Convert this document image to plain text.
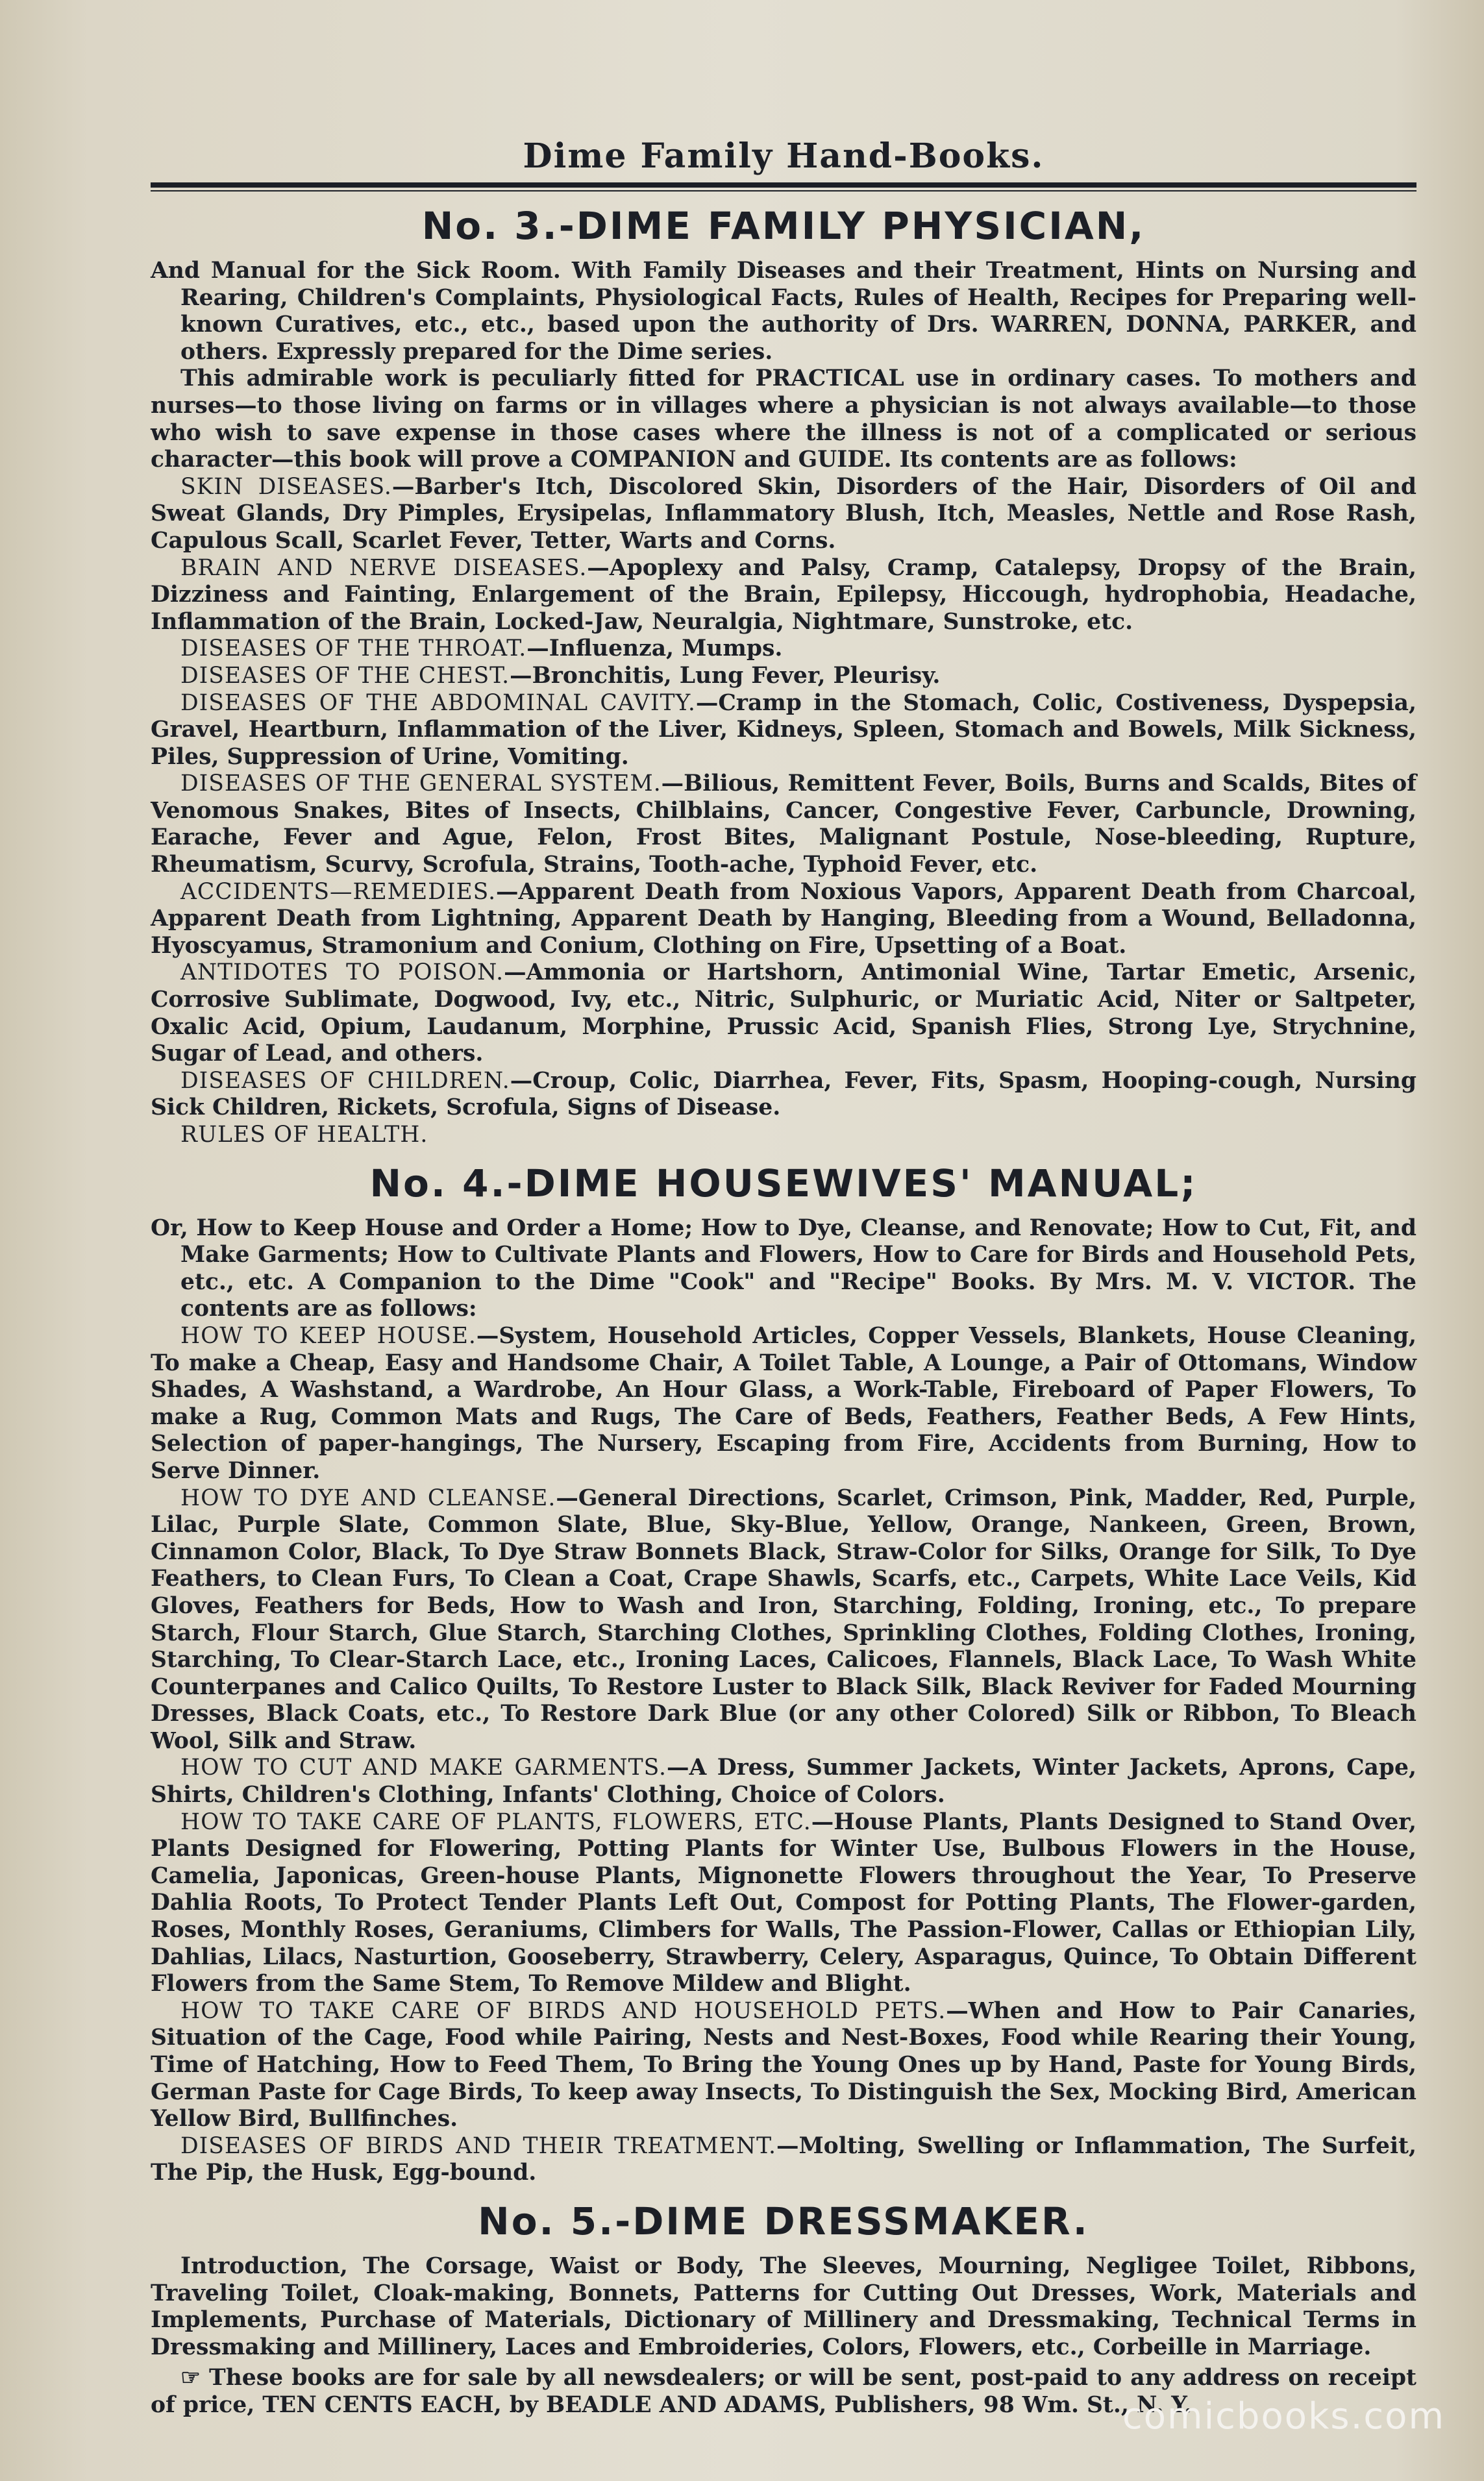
Dime Family Hand-Books.
No. 3.-DIME FAMILY PHYSICIAN,

And Manual for the Sick Room. With Family Diseases and their Treatment, Hints on Nursing and Rearing, Children's Complaints, Physiological Facts, Rules of Health, Recipes for Preparing well-known Curatives, etc., etc., based upon the authority of Drs. WARREN, DONNA, PARKER, and others. Expressly prepared for the Dime series.

This admirable work is peculiarly fitted for PRACTICAL use in ordinary cases. To mothers and nurses—to those living on farms or in villages where a physician is not always available—to those who wish to save expense in those cases where the illness is not of a complicated or serious character—this book will prove a COMPANION and GUIDE. Its contents are as follows:

SKIN DISEASES.—Barber's Itch, Discolored Skin, Disorders of the Hair, Disorders of Oil and Sweat Glands, Dry Pimples, Erysipelas, Inflammatory Blush, Itch, Measles, Nettle and Rose Rash, Capulous Scall, Scarlet Fever, Tetter, Warts and Corns.

BRAIN AND NERVE DISEASES.—Apoplexy and Palsy, Cramp, Catalepsy, Dropsy of the Brain, Dizziness and Fainting, Enlargement of the Brain, Epilepsy, Hiccough, hydrophobia, Headache, Inflammation of the Brain, Locked-Jaw, Neuralgia, Nightmare, Sunstroke, etc.

DISEASES OF THE THROAT.—Influenza, Mumps.

DISEASES OF THE CHEST.—Bronchitis, Lung Fever, Pleurisy.

DISEASES OF THE ABDOMINAL CAVITY.—Cramp in the Stomach, Colic, Costiveness, Dyspepsia, Gravel, Heartburn, Inflammation of the Liver, Kidneys, Spleen, Stomach and Bowels, Milk Sickness, Piles, Suppression of Urine, Vomiting.

DISEASES OF THE GENERAL SYSTEM.—Bilious, Remittent Fever, Boils, Burns and Scalds, Bites of Venomous Snakes, Bites of Insects, Chilblains, Cancer, Congestive Fever, Carbuncle, Drowning, Earache, Fever and Ague, Felon, Frost Bites, Malignant Postule, Nose-bleeding, Rupture, Rheumatism, Scurvy, Scrofula, Strains, Tooth-ache, Typhoid Fever, etc.

ACCIDENTS—REMEDIES.—Apparent Death from Noxious Vapors, Apparent Death from Charcoal, Apparent Death from Lightning, Apparent Death by Hanging, Bleeding from a Wound, Belladonna, Hyoscyamus, Stramonium and Conium, Clothing on Fire, Upsetting of a Boat.

ANTIDOTES TO POISON.—Ammonia or Hartshorn, Antimonial Wine, Tartar Emetic, Arsenic, Corrosive Sublimate, Dogwood, Ivy, etc., Nitric, Sulphuric, or Muriatic Acid, Niter or Saltpeter, Oxalic Acid, Opium, Laudanum, Morphine, Prussic Acid, Spanish Flies, Strong Lye, Strychnine, Sugar of Lead, and others.

DISEASES OF CHILDREN.—Croup, Colic, Diarrhea, Fever, Fits, Spasm, Hooping-cough, Nursing Sick Children, Rickets, Scrofula, Signs of Disease.

RULES OF HEALTH.

No. 4.-DIME HOUSEWIVES' MANUAL;

Or, How to Keep House and Order a Home; How to Dye, Cleanse, and Renovate; How to Cut, Fit, and Make Garments; How to Cultivate Plants and Flowers, How to Care for Birds and Household Pets, etc., etc. A Companion to the Dime "Cook" and "Recipe" Books. By Mrs. M. V. VICTOR. The contents are as follows:

HOW TO KEEP HOUSE.—System, Household Articles, Copper Vessels, Blankets, House Cleaning, To make a Cheap, Easy and Handsome Chair, A Toilet Table, A Lounge, a Pair of Ottomans, Window Shades, A Washstand, a Wardrobe, An Hour Glass, a Work-Table, Fireboard of Paper Flowers, To make a Rug, Common Mats and Rugs, The Care of Beds, Feathers, Feather Beds, A Few Hints, Selection of paper-hangings, The Nursery, Escaping from Fire, Accidents from Burning, How to Serve Dinner.

HOW TO DYE AND CLEANSE.—General Directions, Scarlet, Crimson, Pink, Madder, Red, Purple, Lilac, Purple Slate, Common Slate, Blue, Sky-Blue, Yellow, Orange, Nankeen, Green, Brown, Cinnamon Color, Black, To Dye Straw Bonnets Black, Straw-Color for Silks, Orange for Silk, To Dye Feathers, to Clean Furs, To Clean a Coat, Crape Shawls, Scarfs, etc., Carpets, White Lace Veils, Kid Gloves, Feathers for Beds, How to Wash and Iron, Starching, Folding, Ironing, etc., To prepare Starch, Flour Starch, Glue Starch, Starching Clothes, Sprinkling Clothes, Folding Clothes, Ironing, Starching, To Clear-Starch Lace, etc., Ironing Laces, Calicoes, Flannels, Black Lace, To Wash White Counterpanes and Calico Quilts, To Restore Luster to Black Silk, Black Reviver for Faded Mourning Dresses, Black Coats, etc., To Restore Dark Blue (or any other Colored) Silk or Ribbon, To Bleach Wool, Silk and Straw.

HOW TO CUT AND MAKE GARMENTS.—A Dress, Summer Jackets, Winter Jackets, Aprons, Cape, Shirts, Children's Clothing, Infants' Clothing, Choice of Colors.

HOW TO TAKE CARE OF PLANTS, FLOWERS, ETC.—House Plants, Plants Designed to Stand Over, Plants Designed for Flowering, Potting Plants for Winter Use, Bulbous Flowers in the House, Camelia, Japonicas, Green-house Plants, Mignonette Flowers throughout the Year, To Preserve Dahlia Roots, To Protect Tender Plants Left Out, Compost for Potting Plants, The Flower-garden, Roses, Monthly Roses, Geraniums, Climbers for Walls, The Passion-Flower, Callas or Ethiopian Lily, Dahlias, Lilacs, Nasturtion, Gooseberry, Strawberry, Celery, Asparagus, Quince, To Obtain Different Flowers from the Same Stem, To Remove Mildew and Blight.

HOW TO TAKE CARE OF BIRDS AND HOUSEHOLD PETS.—When and How to Pair Canaries, Situation of the Cage, Food while Pairing, Nests and Nest-Boxes, Food while Rearing their Young, Time of Hatching, How to Feed Them, To Bring the Young Ones up by Hand, Paste for Young Birds, German Paste for Cage Birds, To keep away Insects, To Distinguish the Sex, Mocking Bird, American Yellow Bird, Bullfinches.

DISEASES OF BIRDS AND THEIR TREATMENT.—Molting, Swelling or Inflammation, The Surfeit, The Pip, the Husk, Egg-bound.

No. 5.-DIME DRESSMAKER.

Introduction, The Corsage, Waist or Body, The Sleeves, Mourning, Negligee Toilet, Ribbons, Traveling Toilet, Cloak-making, Bonnets, Patterns for Cutting Out Dresses, Work, Materials and Implements, Purchase of Materials, Dictionary of Millinery and Dressmaking, Technical Terms in Dressmaking and Millinery, Laces and Embroideries, Colors, Flowers, etc., Corbeille in Marriage.

☞ These books are for sale by all newsdealers; or will be sent, post-paid to any address on receipt of price, TEN CENTS EACH, by BEADLE AND ADAMS, Publishers, 98 Wm. St., N. Y.

comicbooks.com
